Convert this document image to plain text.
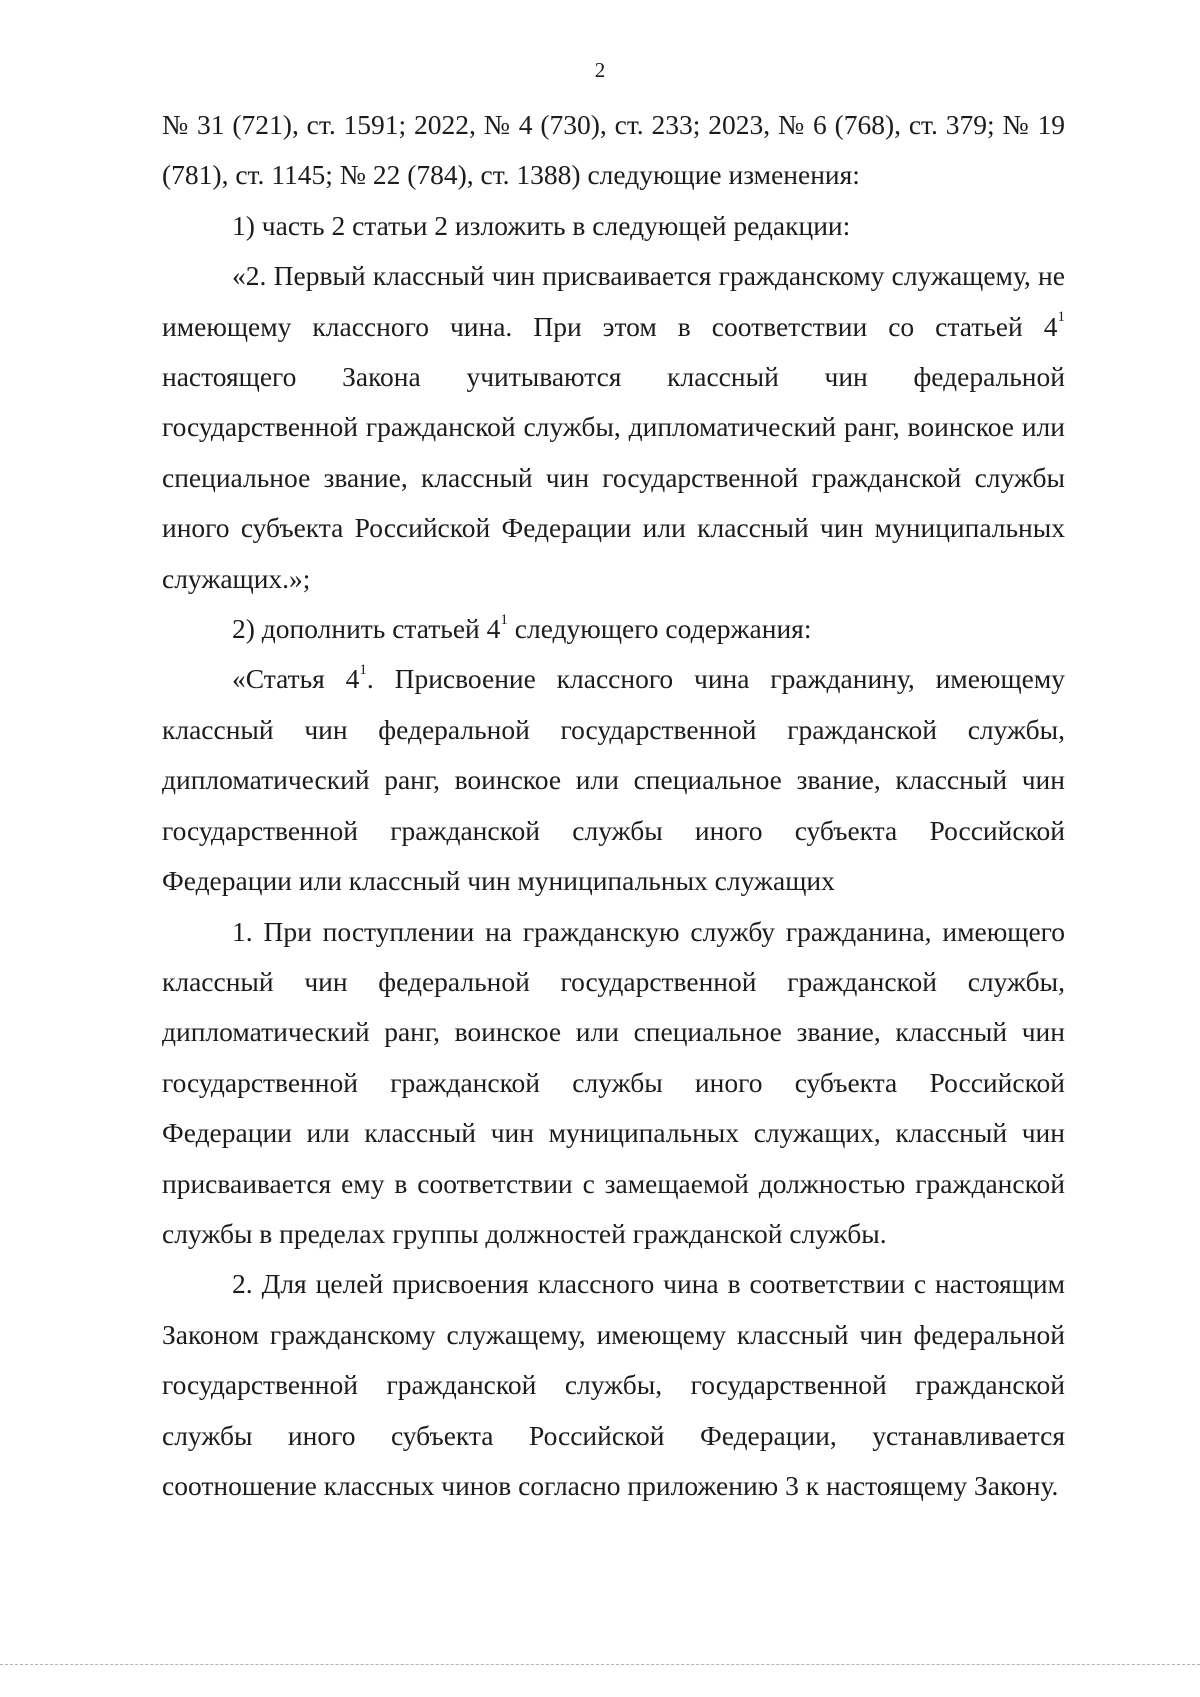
2

№ 31 (721), ст. 1591; 2022, № 4 (730), ст. 233; 2023, № 6 (768), ст. 379; № 19 (781), ст. 1145; № 22 (784), ст. 1388) следующие изменения:

1) часть 2 статьи 2 изложить в следующей редакции:

«2. Первый классный чин присваивается гражданскому служащему, не имеющему классного чина. При этом в соответствии со статьей $4^1$ настоящего Закона учитываются классный чин федеральной государственной гражданской службы, дипломатический ранг, воинское или специальное звание, классный чин государственной гражданской службы иного субъекта Российской Федерации или классный чин муниципальных служащих.»;

2) дополнить статьей $4^1$ следующего содержания:

«Статья $4^1$. Присвоение классного чина гражданину, имеющему классный чин федеральной государственной гражданской службы, дипломатический ранг, воинское или специальное звание, классный чин государственной гражданской службы иного субъекта Российской Федерации или классный чин муниципальных служащих

1. При поступлении на гражданскую службу гражданина, имеющего классный чин федеральной государственной гражданской службы, дипломатический ранг, воинское или специальное звание, классный чин государственной гражданской службы иного субъекта Российской Федерации или классный чин муниципальных служащих, классный чин присваивается ему в соответствии с замещаемой должностью гражданской службы в пределах группы должностей гражданской службы.

2. Для целей присвоения классного чина в соответствии с настоящим Законом гражданскому служащему, имеющему классный чин федеральной государственной гражданской службы, государственной гражданской службы иного субъекта Российской Федерации, устанавливается соотношение классных чинов согласно приложению 3 к настоящему Закону.
